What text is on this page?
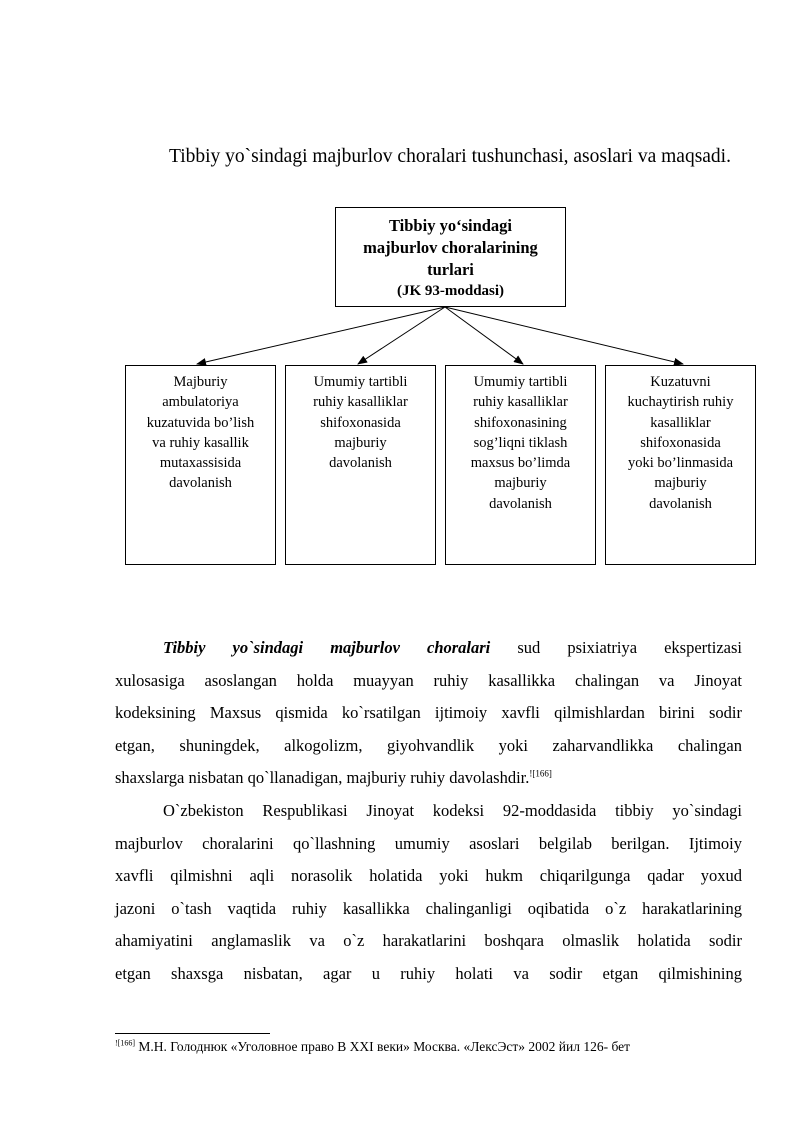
Tibbiy yo`sindagi majburlov choralari tushunchasi, asoslari va maqsadi.
Tibbiy yo‘sindagi
majburlov choralarining
turlari
(JK 93-moddasi)
Majburiy
ambulatoriya
kuzatuvida bo’lish
va ruhiy kasallik
mutaxassisida
davolanish
Umumiy tartibli
ruhiy kasalliklar
shifoxonasida
majburiy
davolanish
Umumiy tartibli
ruhiy kasalliklar
shifoxonasining
sog’liqni tiklash
maxsus bo’limda
majburiy
davolanish
Kuzatuvni
kuchaytirish ruhiy
kasalliklar
shifoxonasida
yoki bo’linmasida
majburiy
davolanish
Tibbiy yo`sindagi majburlov choralari sud psixiatriya ekspertizasi
xulosasiga asoslangan holda muayyan ruhiy kasallikka chalingan va Jinoyat
kodeksining Maxsus qismida ko`rsatilgan ijtimoiy xavfli qilmishlardan birini sodir
etgan, shuningdek, alkogolizm, giyohvandlik yoki zaharvandlikka chalingan
shaxslarga nisbatan qo`llanadigan, majburiy ruhiy davolashdir.$^{![166]}$
O`zbekiston Respublikasi Jinoyat kodeksi 92-moddasida tibbiy yo`sindagi
majburlov choralarini qo`llashning umumiy asoslari belgilab berilgan. Ijtimoiy
xavfli qilmishni aqli norasolik holatida yoki hukm chiqarilgunga qadar yoxud
jazoni o`tash vaqtida ruhiy kasallikka chalinganligi oqibatida o`z harakatlarining
ahamiyatini anglamaslik va o`z harakatlarini boshqara olmaslik holatida sodir
etgan shaxsga nisbatan, agar u ruhiy holati va sodir etgan qilmishining
$^{![166]}$ М.Н. Голоднюк «Уголовное право В XXI веки» Москва. «ЛексЭст» 2002 йил 126- бет
